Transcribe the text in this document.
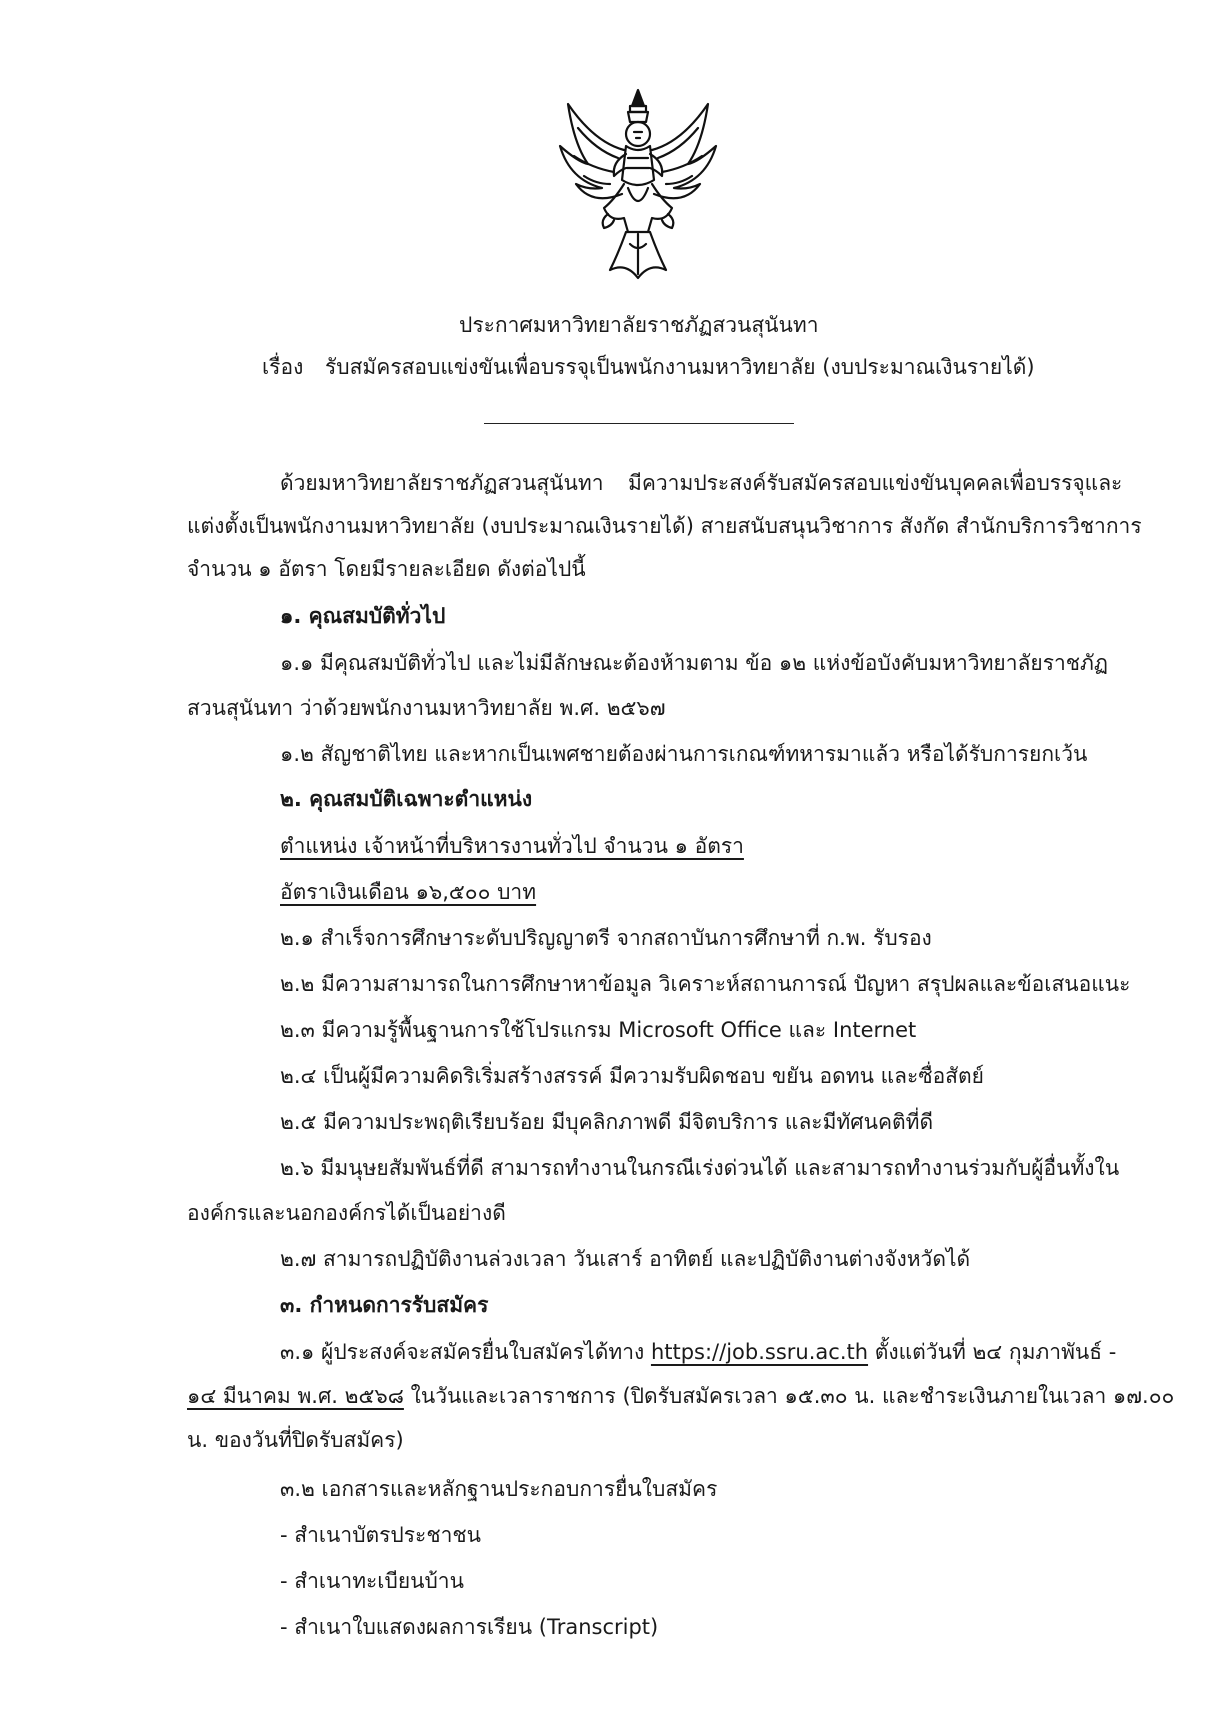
ประกาศมหาวิทยาลัยราชภัฏสวนสุนันทา
เรื่อง รับสมัครสอบแข่งขันเพื่อบรรจุเป็นพนักงานมหาวิทยาลัย (งบประมาณเงินรายได้)
ด้วยมหาวิทยาลัยราชภัฏสวนสุนันทา มีความประสงค์รับสมัครสอบแข่งขันบุคคลเพื่อบรรจุและ
แต่งตั้งเป็นพนักงานมหาวิทยาลัย (งบประมาณเงินรายได้) สายสนับสนุนวิชาการ สังกัด สำนักบริการวิชาการ
จำนวน ๑ อัตรา โดยมีรายละเอียด ดังต่อไปนี้
๑. คุณสมบัติทั่วไป
๑.๑ มีคุณสมบัติทั่วไป และไม่มีลักษณะต้องห้ามตาม ข้อ ๑๒ แห่งข้อบังคับมหาวิทยาลัยราชภัฏ
สวนสุนันทา ว่าด้วยพนักงานมหาวิทยาลัย พ.ศ. ๒๕๖๗
๑.๒ สัญชาติไทย และหากเป็นเพศชายต้องผ่านการเกณฑ์ทหารมาแล้ว หรือได้รับการยกเว้น
๒. คุณสมบัติเฉพาะตำแหน่ง
ตำแหน่ง เจ้าหน้าที่บริหารงานทั่วไป จำนวน ๑ อัตรา
อัตราเงินเดือน ๑๖,๕๐๐ บาท
๒.๑ สำเร็จการศึกษาระดับปริญญาตรี จากสถาบันการศึกษาที่ ก.พ. รับรอง
๒.๒ มีความสามารถในการศึกษาหาข้อมูล วิเคราะห์สถานการณ์ ปัญหา สรุปผลและข้อเสนอแนะ
๒.๓ มีความรู้พื้นฐานการใช้โปรแกรม Microsoft Office และ Internet
๒.๔ เป็นผู้มีความคิดริเริ่มสร้างสรรค์ มีความรับผิดชอบ ขยัน อดทน และซื่อสัตย์
๒.๕ มีความประพฤติเรียบร้อย มีบุคลิกภาพดี มีจิตบริการ และมีทัศนคติที่ดี
๒.๖ มีมนุษยสัมพันธ์ที่ดี สามารถทำงานในกรณีเร่งด่วนได้ และสามารถทำงานร่วมกับผู้อื่นทั้งใน
องค์กรและนอกองค์กรได้เป็นอย่างดี
๒.๗ สามารถปฏิบัติงานล่วงเวลา วันเสาร์ อาทิตย์ และปฏิบัติงานต่างจังหวัดได้
๓. กำหนดการรับสมัคร
๓.๑ ผู้ประสงค์จะสมัครยื่นใบสมัครได้ทาง https://job.ssru.ac.th ตั้งแต่วันที่ ๒๔ กุมภาพันธ์ -
๑๔ มีนาคม พ.ศ. ๒๕๖๘ ในวันและเวลาราชการ (ปิดรับสมัครเวลา ๑๕.๓๐ น. และชำระเงินภายในเวลา ๑๗.๐๐
น. ของวันที่ปิดรับสมัคร)
๓.๒ เอกสารและหลักฐานประกอบการยื่นใบสมัคร
- สำเนาบัตรประชาชน
- สำเนาทะเบียนบ้าน
- สำเนาใบแสดงผลการเรียน (Transcript)
